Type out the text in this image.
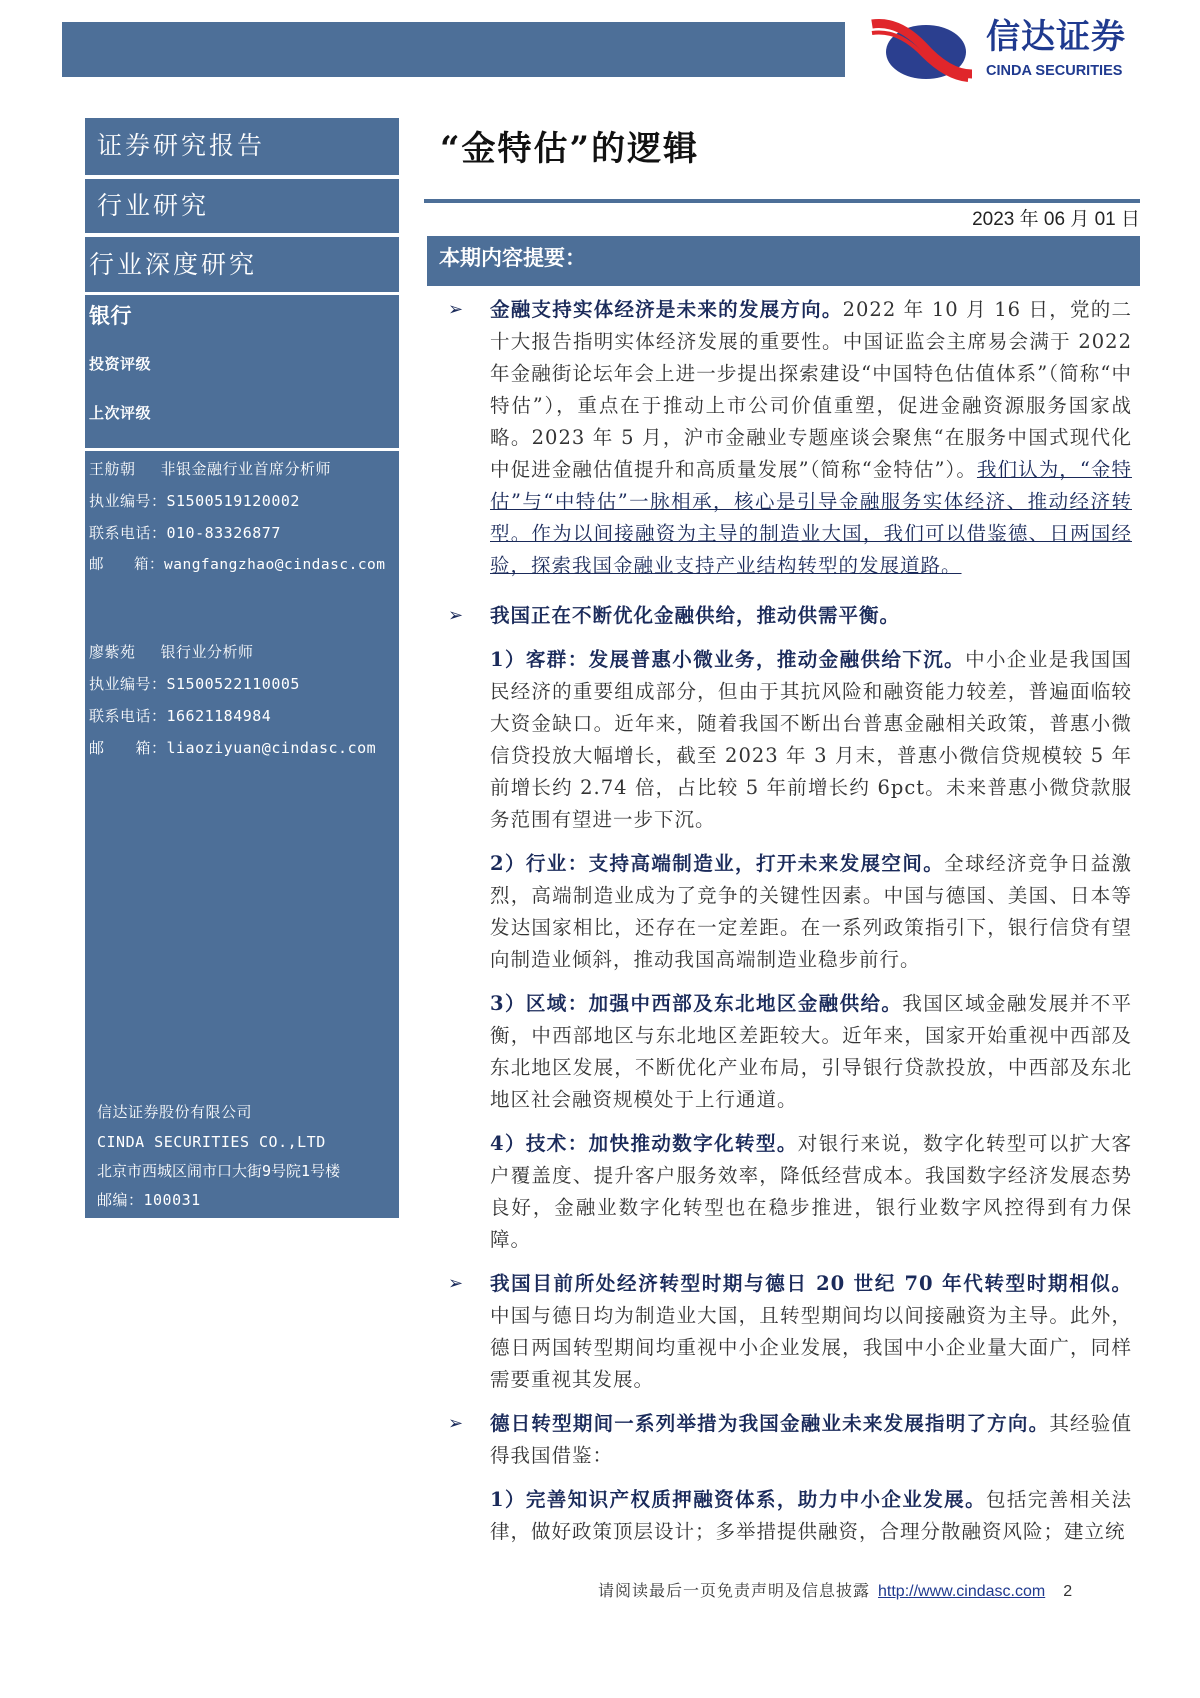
信达证券
CINDA SECURITIES
证券研究报告
行业研究
行业深度研究
银行
投资评级
上次评级
王舫朝　 非银金融行业首席分析师
执业编号：S1500519120002
联系电话：010-83326877
邮　　箱：wangfangzhao@cindasc.com
廖紫苑　 银行业分析师
执业编号：S1500522110005
联系电话：16621184984
邮　　箱：liaoziyuan@cindasc.com
信达证券股份有限公司
CINDA SECURITIES CO.,LTD
北京市西城区闹市口大街9号院1号楼
邮编：100031
“金特估”的逻辑
2023 年 06 月 01 日
本期内容提要：
➢ 金融支持实体经济是未来的发展方向。2022 年 10 月 16 日，党的二十大报告指明实体经济发展的重要性。中国证监会主席易会满于 2022 年金融街论坛年会上进一步提出探索建设“中国特色估值体系”（简称“中特估”），重点在于推动上市公司价值重塑，促进金融资源服务国家战略。2023 年 5 月，沪市金融业专题座谈会聚焦“在服务中国式现代化中促进金融估值提升和高质量发展”（简称“金特估”）。我们认为，“金特估”与“中特估”一脉相承，核心是引导金融服务实体经济、推动经济转型。作为以间接融资为主导的制造业大国，我们可以借鉴德、日两国经验，探索我国金融业支持产业结构转型的发展道路。
➢ 我国正在不断优化金融供给，推动供需平衡。
1）客群：发展普惠小微业务，推动金融供给下沉。中小企业是我国国民经济的重要组成部分，但由于其抗风险和融资能力较差，普遍面临较大资金缺口。近年来，随着我国不断出台普惠金融相关政策，普惠小微信贷投放大幅增长，截至 2023 年 3 月末，普惠小微信贷规模较 5 年前增长约 2.74 倍，占比较 5 年前增长约 6pct。未来普惠小微贷款服务范围有望进一步下沉。
2）行业：支持高端制造业，打开未来发展空间。全球经济竞争日益激烈，高端制造业成为了竞争的关键性因素。中国与德国、美国、日本等发达国家相比，还存在一定差距。在一系列政策指引下，银行信贷有望向制造业倾斜，推动我国高端制造业稳步前行。
3）区域：加强中西部及东北地区金融供给。我国区域金融发展并不平衡，中西部地区与东北地区差距较大。近年来，国家开始重视中西部及东北地区发展，不断优化产业布局，引导银行贷款投放，中西部及东北地区社会融资规模处于上行通道。
4）技术：加快推动数字化转型。对银行来说，数字化转型可以扩大客户覆盖度、提升客户服务效率，降低经营成本。我国数字经济发展态势良好，金融业数字化转型也在稳步推进，银行业数字风控得到有力保障。
➢ 我国目前所处经济转型时期与德日 20 世纪 70 年代转型时期相似。中国与德日均为制造业大国，且转型期间均以间接融资为主导。此外，德日两国转型期间均重视中小企业发展，我国中小企业量大面广，同样需要重视其发展。
➢ 德日转型期间一系列举措为我国金融业未来发展指明了方向。其经验值得我国借鉴：
1）完善知识产权质押融资体系，助力中小企业发展。包括完善相关法律，做好政策顶层设计；多举措提供融资，合理分散融资风险；建立统
请阅读最后一页免责声明及信息披露 http://www.cindasc.com 2
